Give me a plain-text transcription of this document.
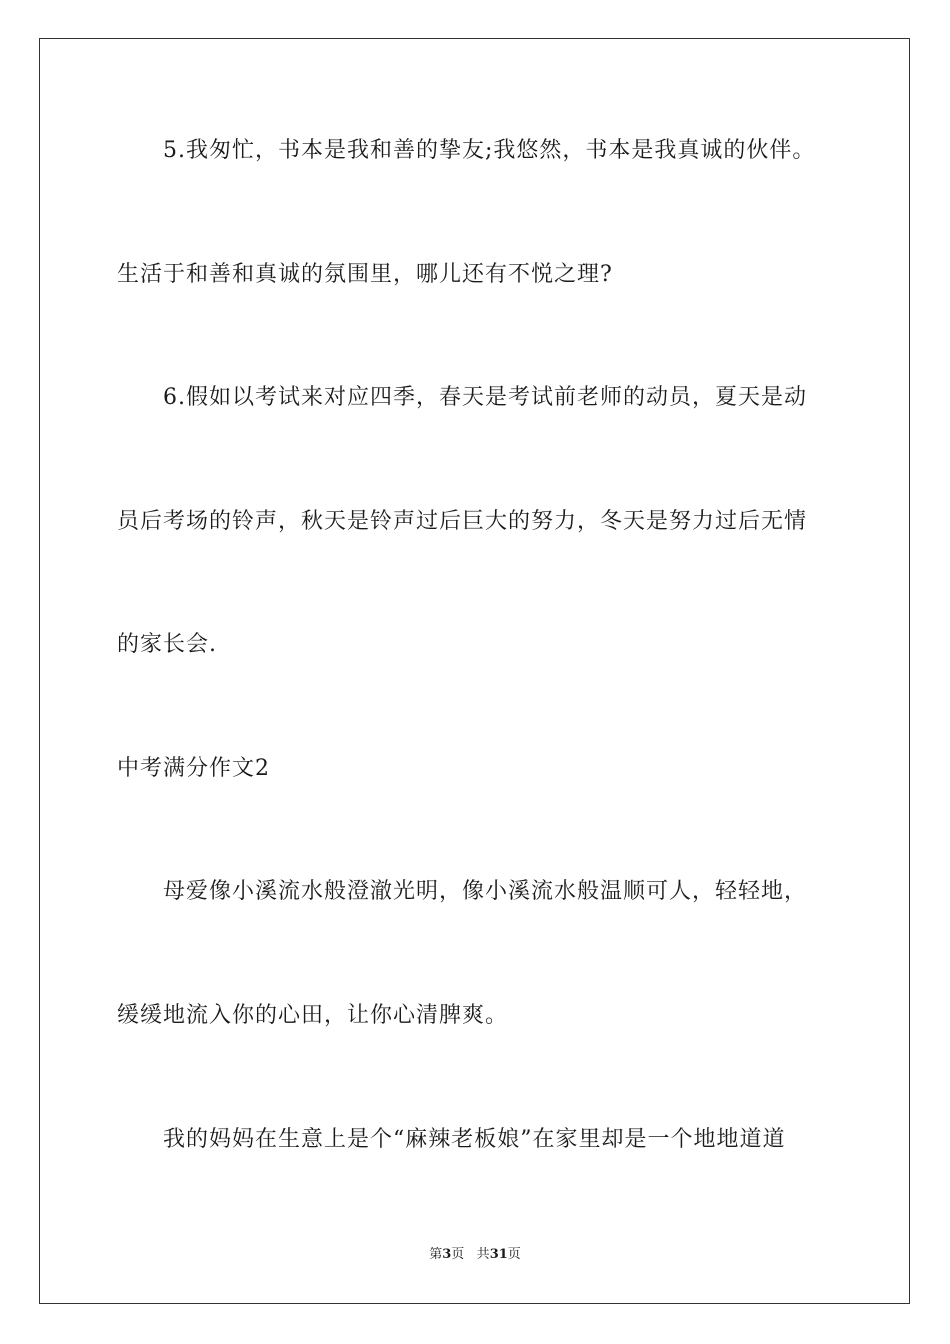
5.我匆忙，书本是我和善的挚友;我悠然，书本是我真诚的伙伴。
生活于和善和真诚的氛围里，哪儿还有不悦之理?
6.假如以考试来对应四季，春天是考试前老师的动员，夏天是动
员后考场的铃声，秋天是铃声过后巨大的努力，冬天是努力过后无情
的家长会.
中考满分作文2
母爱像小溪流水般澄澈光明，像小溪流水般温顺可人，轻轻地，
缓缓地流入你的心田，让你心清脾爽。
我的妈妈在生意上是个“麻辣老板娘”在家里却是一个地地道道
第3页 共31页
